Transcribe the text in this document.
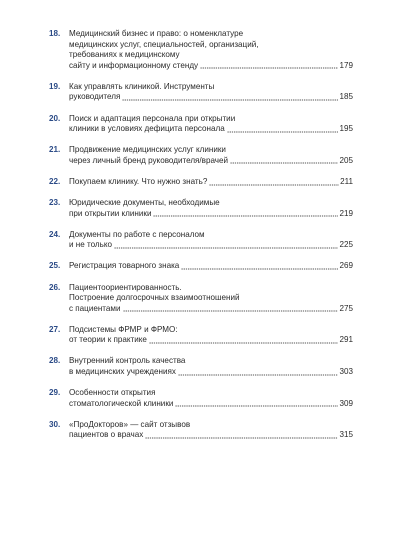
18.	Медицинский бизнес и право: о номенклатуре
медицинских услуг, специальностей, организаций,
требованиях к медицинскому
сайту и информационному стенду	179
19.	Как управлять клиникой. Инструменты
руководителя	185
20.	Поиск и адаптация персонала при открытии
клиники в условиях дефицита персонала	195
21.	Продвижение медицинских услуг клиники
через личный бренд руководителя/врачей	205
22.	Покупаем клинику. Что нужно знать?	211
23.	Юридические документы, необходимые
при открытии клиники	219
24.	Документы по работе с персоналом
и не только	225
25.	Регистрация товарного знака	269
26.	Пациентоориентированность.
Построение долгосрочных взаимоотношений
с пациентами	275
27.	Подсистемы ФРМР и ФРМО:
от теории к практике	291
28.	Внутренний контроль качества
в медицинских учреждениях	303
29.	Особенности открытия
стоматологической клиники	309
30.	«ПроДокторов» — сайт отзывов
пациентов о врачах	315
